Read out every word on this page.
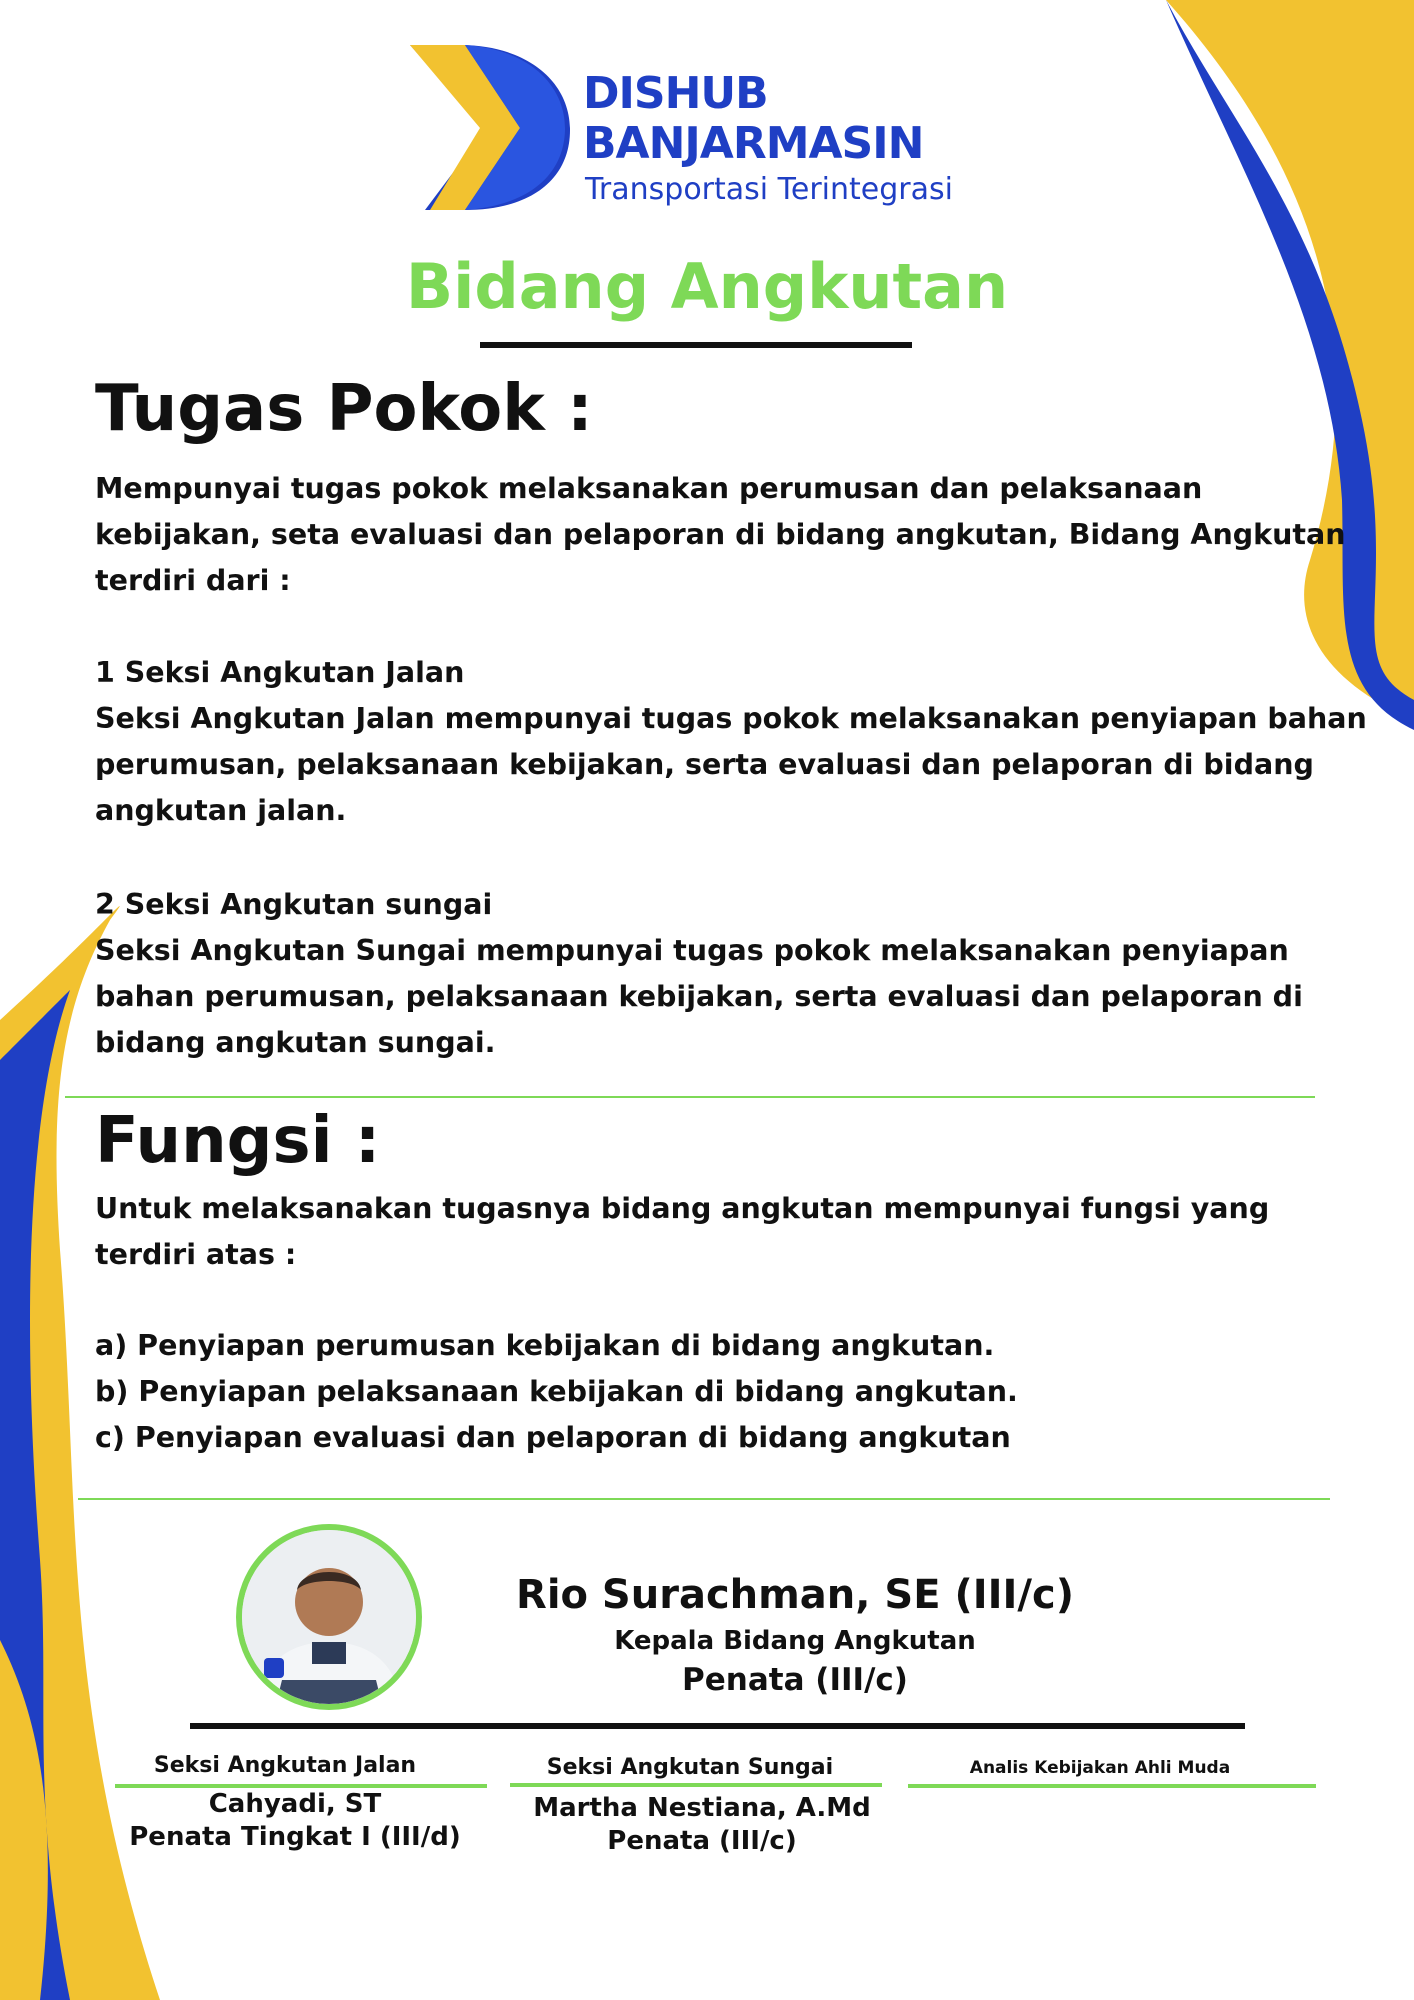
DISHUB
BANJARMASIN
Transportasi Terintegrasi
Bidang Angkutan
Tugas Pokok :
Mempunyai tugas pokok melaksanakan perumusan dan pelaksanaan kebijakan, seta evaluasi dan pelaporan di bidang angkutan, Bidang Angkutan terdiri dari :

1 Seksi Angkutan Jalan

Seksi Angkutan Jalan mempunyai tugas pokok melaksanakan penyiapan bahan perumusan, pelaksanaan kebijakan, serta evaluasi dan pelaporan di bidang angkutan jalan.

2 Seksi Angkutan sungai

Seksi Angkutan Sungai mempunyai tugas pokok melaksanakan penyiapan bahan perumusan, pelaksanaan kebijakan, serta evaluasi dan pelaporan di bidang angkutan sungai.

Fungsi :
Untuk melaksanakan tugasnya bidang angkutan mempunyai fungsi yang terdiri atas :

a) Penyiapan perumusan kebijakan di bidang angkutan.

b) Penyiapan pelaksanaan kebijakan di bidang angkutan.

c) Penyiapan evaluasi dan pelaporan di bidang angkutan

Rio Surachman, SE (III/c)
Kepala Bidang Angkutan
Penata (III/c)
Seksi Angkutan Jalan
Cahyadi, ST
Penata Tingkat I (III/d)
Seksi Angkutan Sungai
Martha Nestiana, A.Md
Penata (III/c)
Analis Kebijakan Ahli Muda
